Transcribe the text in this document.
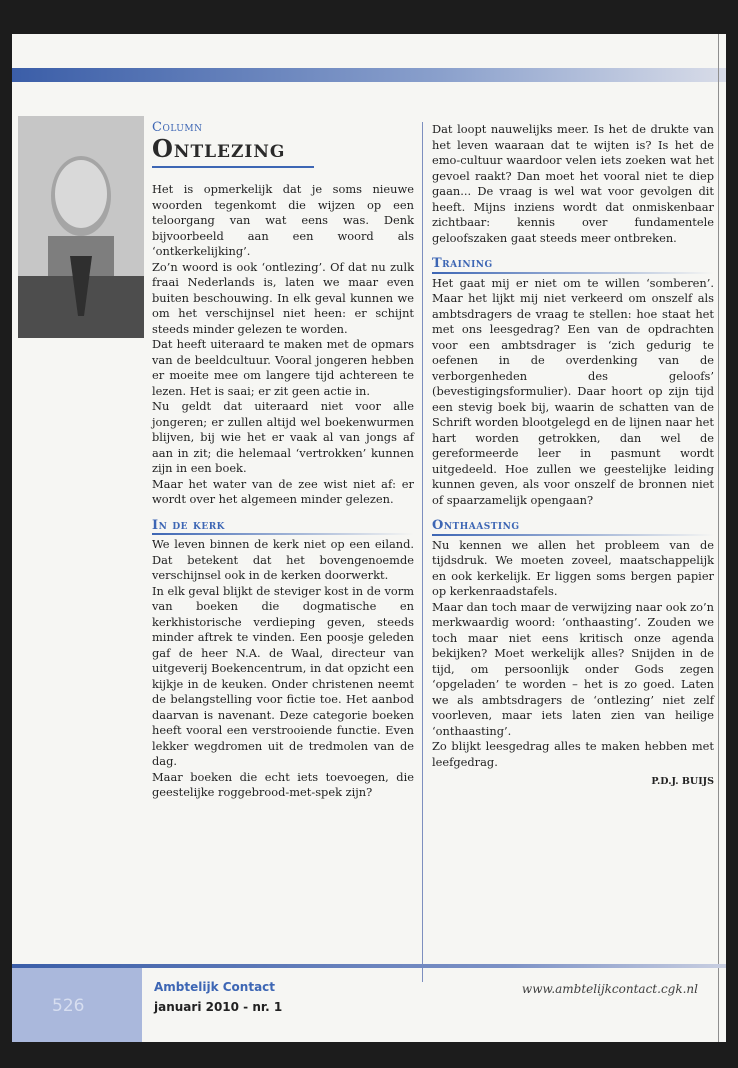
Column
Ontlezing

Het is opmerkelijk dat je soms nieuwe woorden tegenkomt die wijzen op een teloorgang van wat eens was. Denk bijvoorbeeld aan een woord als ‘ontkerkelijking’.

Zo’n woord is ook ‘ontlezing’. Of dat nu zulk fraai Nederlands is, laten we maar even buiten beschouwing. In elk geval kunnen we om het verschijnsel niet heen: er schijnt steeds minder gelezen te worden.

Dat heeft uiteraard te maken met de opmars van de beeldcultuur. Vooral jongeren hebben er moeite mee om langere tijd achtereen te lezen. Het is saai; er zit geen actie in.

Nu geldt dat uiteraard niet voor alle jongeren; er zullen altijd wel boekenwurmen blijven, bij wie het er vaak al van jongs af aan in zit; die helemaal ‘vertrokken’ kunnen zijn in een boek.

Maar het water van de zee wist niet af: er wordt over het algemeen minder gelezen.

In de kerk

We leven binnen de kerk niet op een eiland. Dat betekent dat het bovengenoemde verschijnsel ook in de kerken doorwerkt.

In elk geval blijkt de steviger kost in de vorm van boeken die dogmatische en kerkhistorische verdieping geven, steeds minder aftrek te vinden. Een poosje geleden gaf de heer N.A. de Waal, directeur van uitgeverij Boekencentrum, in dat opzicht een kijkje in de keuken. Onder christenen neemt de belangstelling voor fictie toe. Het aanbod daarvan is navenant. Deze categorie boeken heeft vooral een verstrooiende functie. Even lekker wegdromen uit de tredmolen van de dag.

Maar boeken die echt iets toevoegen, die geestelijke roggebrood-met-spek zijn?

Dat loopt nauwelijks meer. Is het de drukte van het leven waaraan dat te wijten is? Is het de emo-cultuur waardoor velen iets zoeken wat het gevoel raakt? Dan moet het vooral niet te diep gaan... De vraag is wel wat voor gevolgen dit heeft. Mijns inziens wordt dat onmiskenbaar zichtbaar: kennis over fundamentele geloofszaken gaat steeds meer ontbreken.

Training

Het gaat mij er niet om te willen ‘somberen’. Maar het lijkt mij niet verkeerd om onszelf als ambtsdragers de vraag te stellen: hoe staat het met ons leesgedrag? Een van de opdrachten voor een ambtsdrager is ‘zich gedurig te oefenen in de overdenking van de verborgenheden des geloofs’ (bevestigingsformulier). Daar hoort op zijn tijd een stevig boek bij, waarin de schatten van de Schrift worden blootgelegd en de lijnen naar het hart worden getrokken, dan wel de gereformeerde leer in pasmunt wordt uitgedeeld. Hoe zullen we geestelijke leiding kunnen geven, als voor onszelf de bronnen niet of spaarzamelijk opengaan?

Onthaasting

Nu kennen we allen het probleem van de tijdsdruk. We moeten zoveel, maatschappelijk en ook kerkelijk. Er liggen soms bergen papier op kerkenraadstafels.

Maar dan toch maar de verwijzing naar ook zo’n merkwaardig woord: ‘onthaasting’. Zouden we toch maar niet eens kritisch onze agenda bekijken? Moet werkelijk alles? Snijden in de tijd, om persoonlijk onder Gods zegen ‘opgeladen’ te worden – het is zo goed. Laten we als ambtsdragers de ‘ontlezing’ niet zelf voorleven, maar iets laten zien van heilige ‘onthaasting’.

Zo blijkt leesgedrag alles te maken hebben met leefgedrag.

P.D.J. BUIJS
526
Ambtelijk Contact
januari 2010 - nr. 1
www.ambtelijkcontact.cgk.nl
